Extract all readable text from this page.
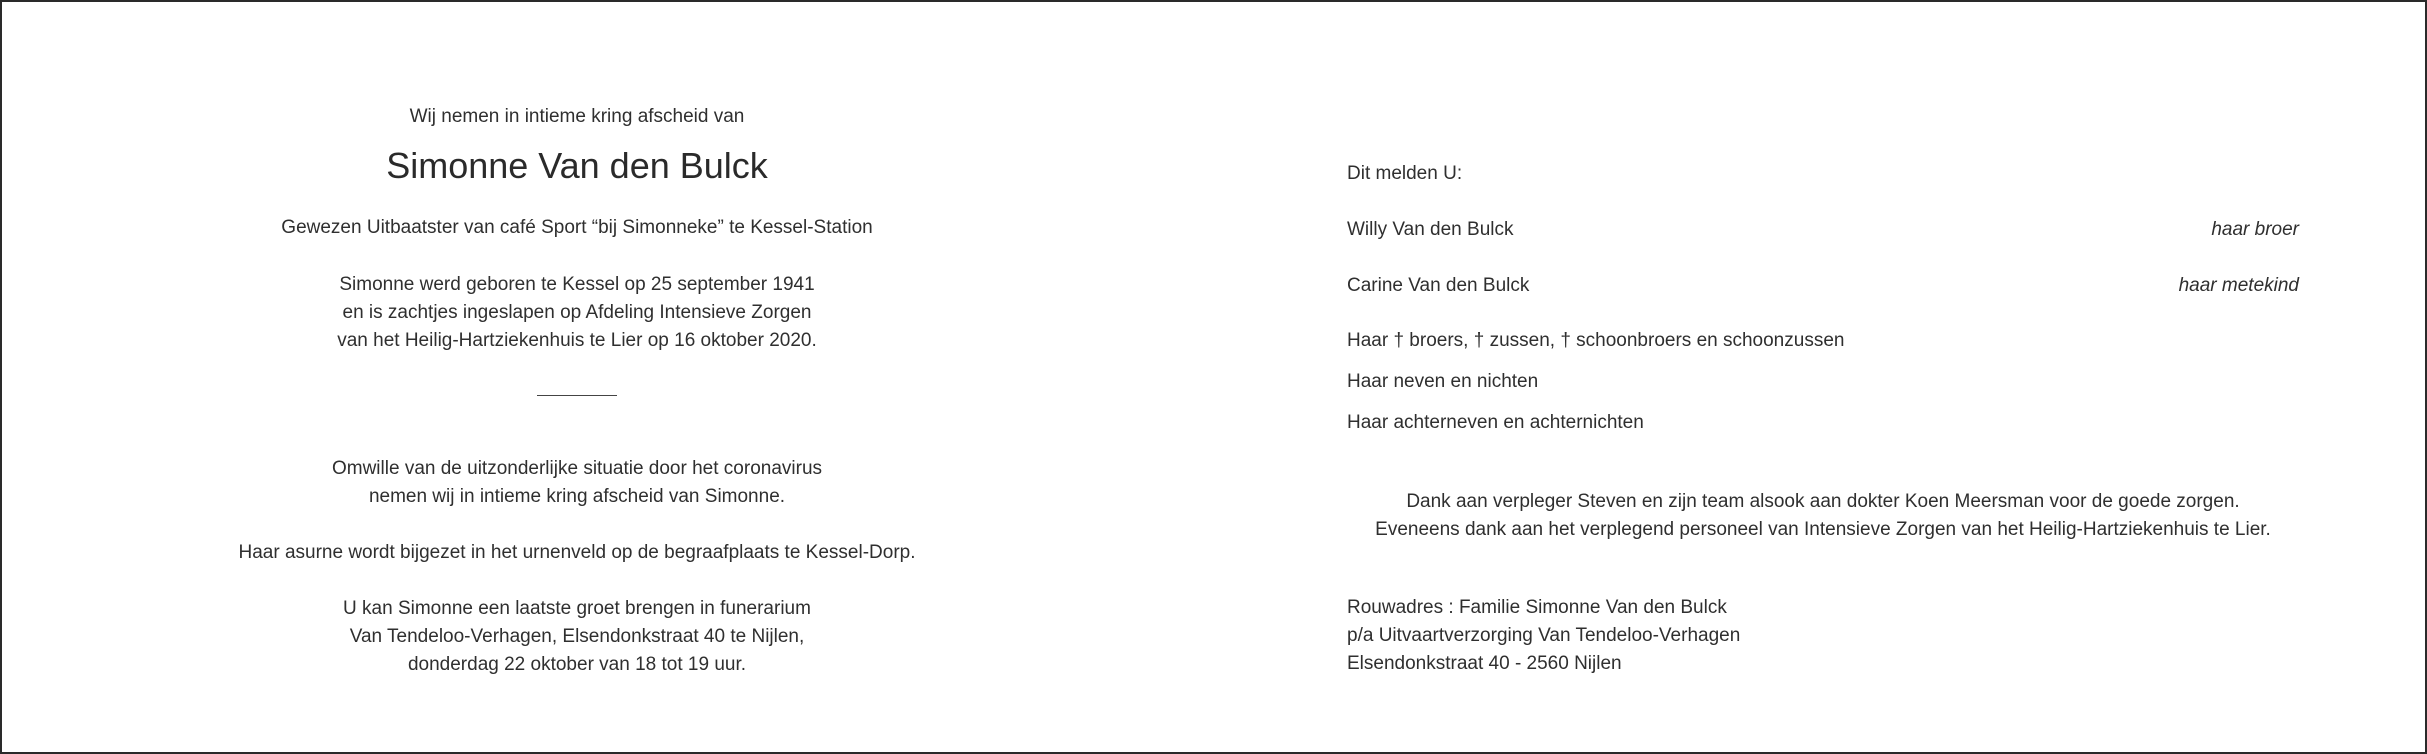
Wij nemen in intieme kring afscheid van
Simonne Van den Bulck
Gewezen Uitbaatster van café Sport “bij Simonneke” te Kessel-Station
Simonne werd geboren te Kessel op 25 september 1941
en is zachtjes ingeslapen op Afdeling Intensieve Zorgen
van het Heilig-Hartziekenhuis te Lier op 16 oktober 2020.
Omwille van de uitzonderlijke situatie door het coronavirus
nemen wij in intieme kring afscheid van Simonne.
Haar asurne wordt bijgezet in het urnenveld op de begraafplaats te Kessel-Dorp.
U kan Simonne een laatste groet brengen in funerarium
Van Tendeloo-Verhagen, Elsendonkstraat 40 te Nijlen,
donderdag 22 oktober van 18 tot 19 uur.
Dit melden U:
Willy Van den Bulck	haar broer
Carine Van den Bulck	haar metekind
Haar † broers, † zussen, † schoonbroers en schoonzussen
Haar neven en nichten
Haar achterneven en achternichten
Dank aan verpleger Steven en zijn team alsook aan dokter Koen Meersman voor de goede zorgen.
Eveneens dank aan het verplegend personeel van Intensieve Zorgen van het Heilig-Hartziekenhuis te Lier.
Rouwadres : Familie Simonne Van den Bulck
p/a Uitvaartverzorging Van Tendeloo-Verhagen
Elsendonkstraat 40 - 2560 Nijlen
